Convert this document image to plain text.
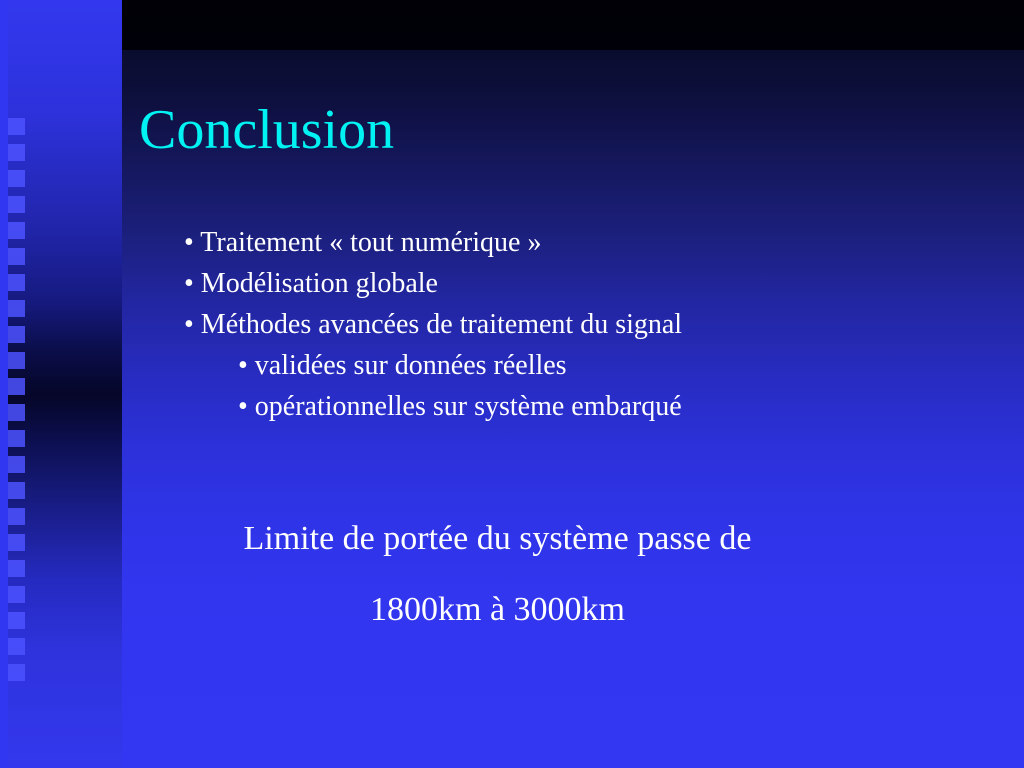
Conclusion
• Traitement « tout numérique »
• Modélisation globale
• Méthodes avancées de traitement du signal
• validées sur données réelles
• opérationnelles sur système embarqué

Limite de portée du système passe de

1800km à 3000km
